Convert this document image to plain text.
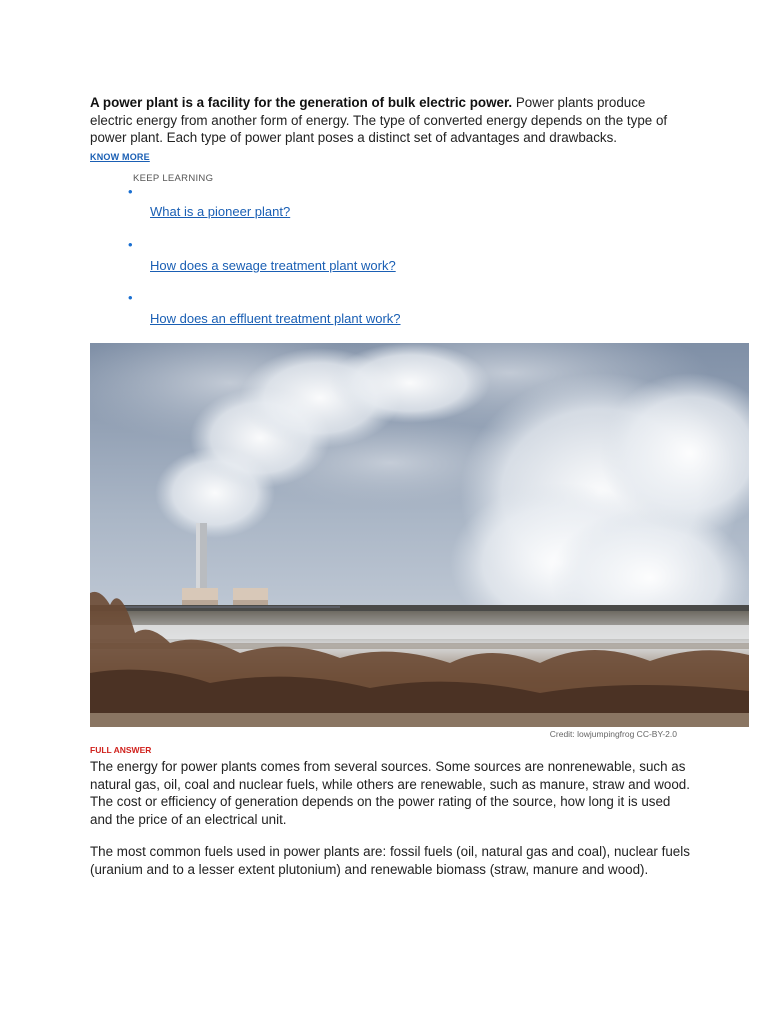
A power plant is a facility for the generation of bulk electric power. Power plants produce electric energy from another form of energy. The type of converted energy depends on the type of power plant. Each type of power plant poses a distinct set of advantages and drawbacks.

KNOW MORE
KEEP LEARNING
•
What is a pioneer plant?
•
How does a sewage treatment plant work?
•
How does an effluent treatment plant work?
Credit: lowjumpingfrog CC-BY-2.0
FULL ANSWER

The energy for power plants comes from several sources. Some sources are nonrenewable, such as natural gas, oil, coal and nuclear fuels, while others are renewable, such as manure, straw and wood. The cost or efficiency of generation depends on the power rating of the source, how long it is used and the price of an electrical unit.

The most common fuels used in power plants are: fossil fuels (oil, natural gas and coal), nuclear fuels (uranium and to a lesser extent plutonium) and renewable biomass (straw, manure and wood).
